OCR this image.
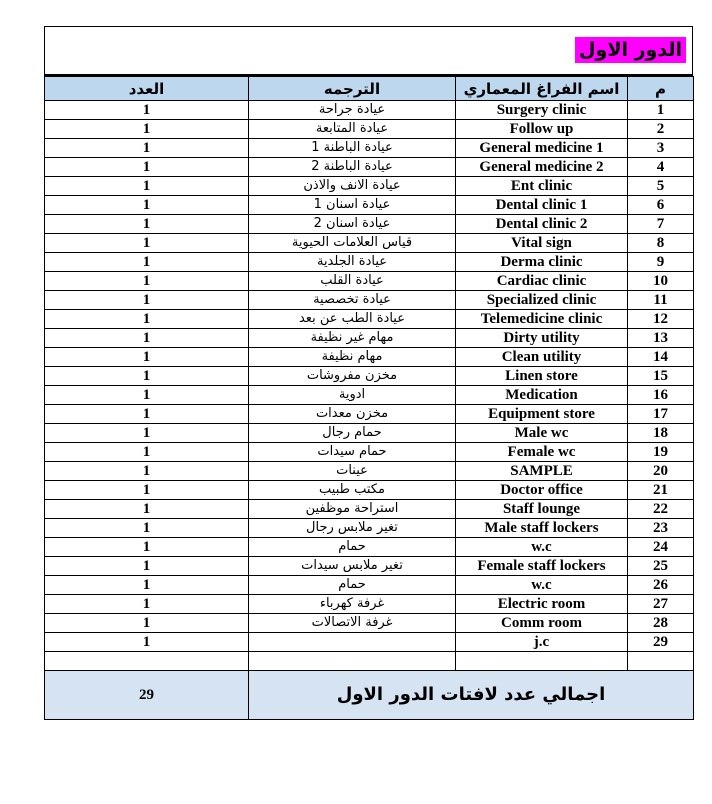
الدور الاول
العدد	الترجمه	اسم الفراغ المعماري	م
1	عيادة جراحة	Surgery clinic	1
1	عيادة المتابعة	Follow up	2
1	عيادة الباطنة 1	General medicine 1	3
1	عيادة الباطنة 2	General medicine 2	4
1	عيادة الانف والاذن	Ent clinic	5
1	عيادة اسنان 1	Dental clinic 1	6
1	عيادة اسنان 2	Dental clinic 2	7
1	قياس العلامات الحيوية	Vital sign	8
1	عيادة الجلدية	Derma clinic	9
1	عيادة القلب	Cardiac clinic	10
1	عيادة تخصصية	Specialized clinic	11
1	عيادة الطب عن بعد	Telemedicine clinic	12
1	مهام غير نظيفة	Dirty utility	13
1	مهام نظيفة	Clean utility	14
1	مخزن مفروشات	Linen store	15
1	ادوية	Medication	16
1	مخزن معدات	Equipment store	17
1	حمام رجال	Male wc	18
1	حمام سيدات	Female wc	19
1	عينات	SAMPLE	20
1	مكتب طبيب	Doctor office	21
1	استراحة موظفين	Staff lounge	22
1	تغير ملابس رجال	Male staff lockers	23
1	حمام	w.c	24
1	تغير ملابس سيدات	Female staff lockers	25
1	حمام	w.c	26
1	غرفة كهرباء	Electric room	27
1	غرفة الاتصالات	Comm room	28
1		j.c	29

29	اجمالي عدد لافتات الدور الاول		
